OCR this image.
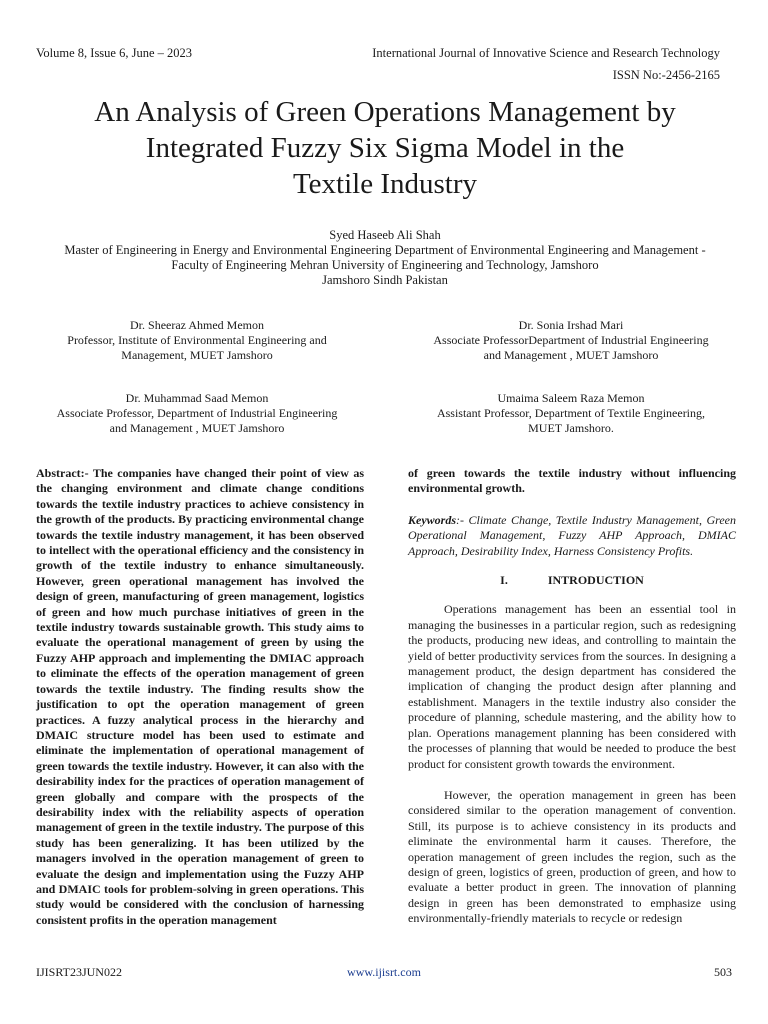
Volume 8, Issue 6, June – 2023	International Journal of Innovative Science and Research Technology
ISSN No:-2456-2165
An Analysis of Green Operations Management by
Integrated Fuzzy Six Sigma Model in the
Textile Industry
Syed Haseeb Ali Shah
Master of Engineering in Energy and Environmental Engineering Department of Environmental Engineering and Management -
Faculty of Engineering Mehran University of Engineering and Technology, Jamshoro
Jamshoro Sindh Pakistan
Dr. Sheeraz Ahmed Memon
Professor, Institute of Environmental Engineering and
Management, MUET Jamshoro
Dr. Sonia Irshad Mari
Associate ProfessorDepartment of Industrial Engineering
and Management , MUET Jamshoro
Dr. Muhammad Saad Memon
Associate Professor, Department of Industrial Engineering
and Management , MUET Jamshoro
Umaima Saleem Raza Memon
Assistant Professor, Department of Textile Engineering,
MUET Jamshoro.

Abstract:- The companies have changed their point of view as the changing environment and climate change conditions towards the textile industry practices to achieve consistency in the growth of the products. By practicing environmental change towards the textile industry management, it has been observed to intellect with the operational efficiency and the consistency in growth of the textile industry to enhance simultaneously. However, green operational management has involved the design of green, manufacturing of green management, logistics of green and how much purchase initiatives of green in the textile industry towards sustainable growth. This study aims to evaluate the operational management of green by using the Fuzzy AHP approach and implementing the DMIAC approach to eliminate the effects of the operation management of green towards the textile industry. The finding results show the justification to opt the operation management of green practices. A fuzzy analytical process in the hierarchy and DMAIC structure model has been used to estimate and eliminate the implementation of operational management of green towards the textile industry. However, it can also with the desirability index for the practices of operation management of green globally and compare with the prospects of the desirability index with the reliability aspects of operation management of green in the textile industry. The purpose of this study has been generalizing. It has been utilized by the managers involved in the operation management of green to evaluate the design and implementation using the Fuzzy AHP and DMAIC tools for problem-solving in green operations. This study would be considered with the conclusion of harnessing consistent profits in the operation management

of green towards the textile industry without influencing environmental growth.

Keywords:- Climate Change, Textile Industry Management, Green Operational Management, Fuzzy AHP Approach, DMIAC Approach, Desirability Index, Harness Consistency Profits.

I.	INTRODUCTION

Operations management has been an essential tool in managing the businesses in a particular region, such as redesigning the products, producing new ideas, and controlling to maintain the yield of better productivity services from the sources. In designing a management product, the design department has considered the implication of changing the product design after planning and establishment. Managers in the textile industry also consider the procedure of planning, schedule mastering, and the ability how to plan. Operations management planning has been considered with the processes of planning that would be needed to produce the best product for consistent growth towards the environment.

However, the operation management in green has been considered similar to the operation management of convention. Still, its purpose is to achieve consistency in its products and eliminate the environmental harm it causes. Therefore, the operation management of green includes the region, such as the design of green, logistics of green, production of green, and how to evaluate a better product in green. The innovation of planning design in green has been demonstrated to emphasize using environmentally-friendly materials to recycle or redesign

IJISRT23JUN022	www.ijisrt.com	503
